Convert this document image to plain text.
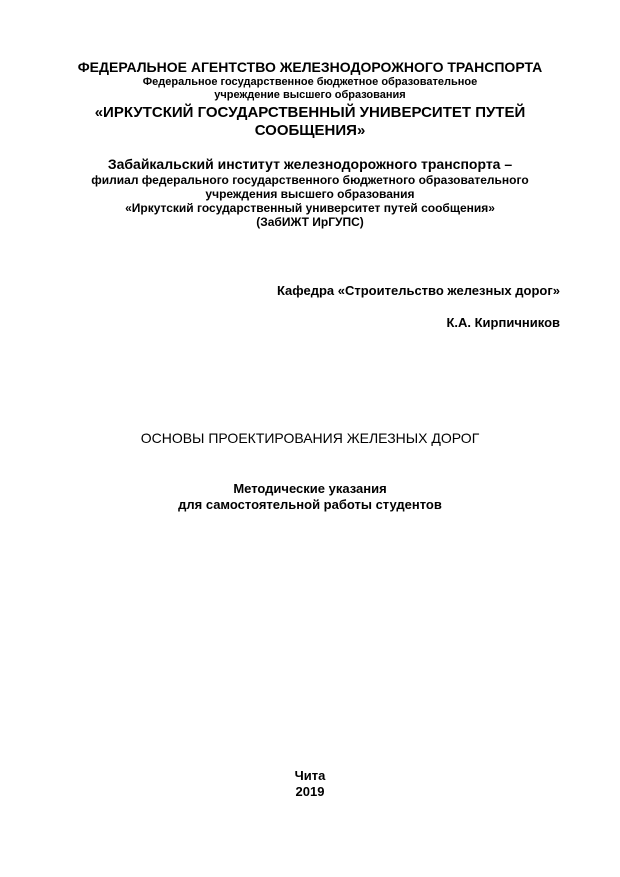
ФЕДЕРАЛЬНОЕ АГЕНТСТВО ЖЕЛЕЗНОДОРОЖНОГО ТРАНСПОРТА
Федеральное государственное бюджетное образовательное
учреждение высшего образования
«ИРКУТСКИЙ ГОСУДАРСТВЕННЫЙ УНИВЕРСИТЕТ ПУТЕЙ
СООБЩЕНИЯ»
Забайкальский институт железнодорожного транспорта –
филиал федерального государственного бюджетного образовательного
учреждения высшего образования
«Иркутский государственный университет путей сообщения»
(ЗабИЖТ ИрГУПС)
Кафедра «Строительство железных дорог»
К.А. Кирпичников
ОСНОВЫ ПРОЕКТИРОВАНИЯ ЖЕЛЕЗНЫХ ДОРОГ
Методические указания
для самостоятельной работы студентов
Чита
2019
